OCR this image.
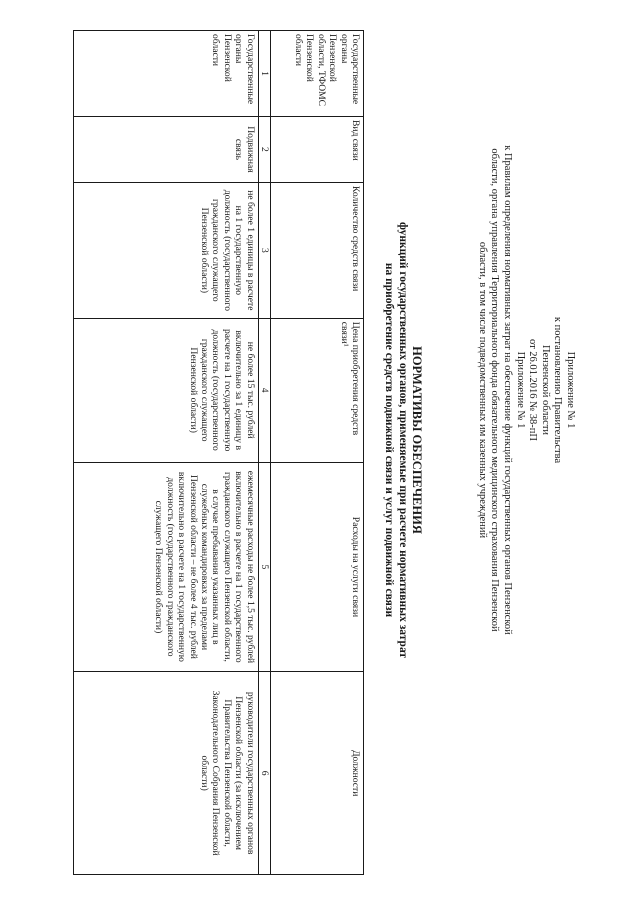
Приложение № 1
к постановлению Правительства
Пензенской области
от 26.01.2016 № 38-пП
Приложение № 1
к Правилам определения нормативных затрат на обеспечение функций государственных органов Пензенской области, органа управления Территориального фонда обязательного медицинского страхования Пензенской области, в том числе подведомственных им казенных учреждений
НОРМАТИВЫ ОБЕСПЕЧЕНИЯ
функций государственных органов, применяемые при расчете нормативных затрат
на приобретение средств подвижной связи и услуг подвижной связи
Государственные органы Пензенской области, ТФОМС Пензенской области	Вид связи	Количество средств связи	Цена приобретения средств связи¹	Расходы на услуги связи	Должности
1	2	3	4	5	6
Государственные органы Пензенской области	Подвижная связь	не более 1 единицы в расчете на 1 государственную должность (государственного гражданского служащего Пензенской области)	не более 15 тыс. рублей включительно за 1 единицу в расчете на 1 государственную должность (государственного гражданского служащего Пензенской области)	ежемесячные расходы не более 1,5 тыс. рублей включительно в расчете на 1 государственного гражданского служащего Пензенской области,
в случае пребывания указанных лиц в служебных командировках за пределами Пензенской области – не более 4 тыс. рублей включительно в расчете на 1 государственную должность (государственного гражданского служащего Пензенской области)	руководители государственных органов Пензенской области (за исключением Правительства Пензенской области, Законодательного Собрания Пензенской области)
